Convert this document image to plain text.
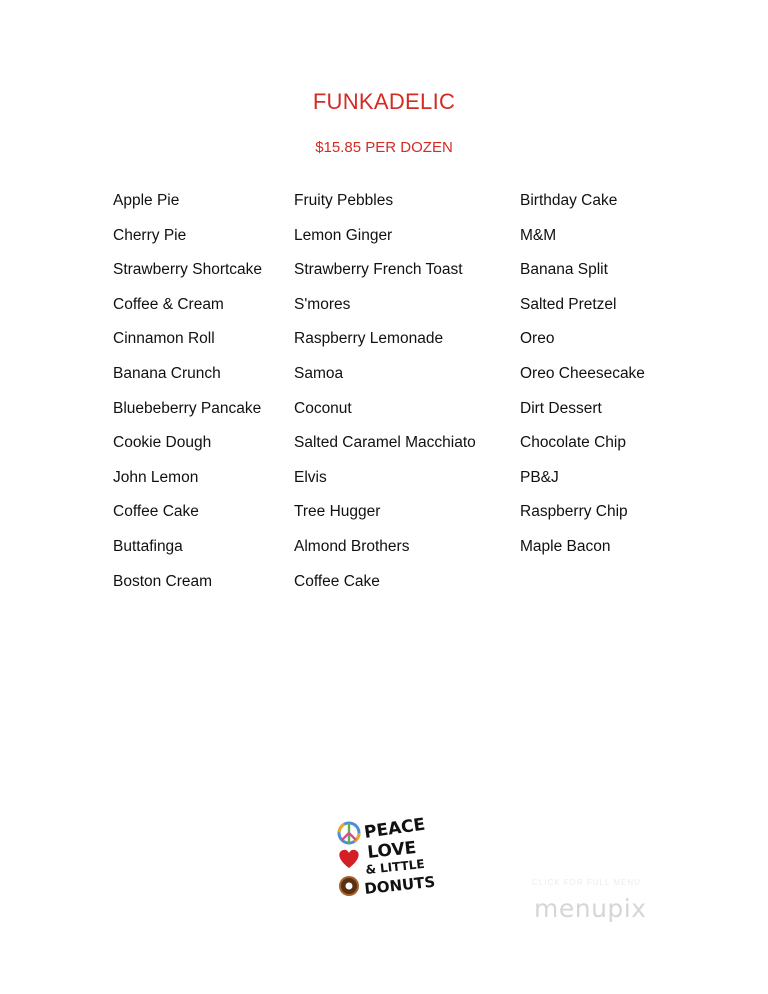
FUNKADELIC
$15.85 PER DOZEN
Apple Pie
Cherry Pie
Strawberry Shortcake
Coffee & Cream
Cinnamon Roll
Banana Crunch
Bluebeberry Pancake
Cookie Dough
John Lemon
Coffee Cake
Buttafinga
Boston Cream
Fruity Pebbles
Lemon Ginger
Strawberry French Toast
S'mores
Raspberry Lemonade
Samoa
Coconut
Salted Caramel Macchiato
Elvis
Tree Hugger
Almond Brothers
Coffee Cake
Birthday Cake
M&M
Banana Split
Salted Pretzel
Oreo
Oreo Cheesecake
Dirt Dessert
Chocolate Chip
PB&J
Raspberry Chip
Maple Bacon
PEACE
LOVE
& LITTLE
DONUTS	CLICK FOR FULL MENU
menupix
